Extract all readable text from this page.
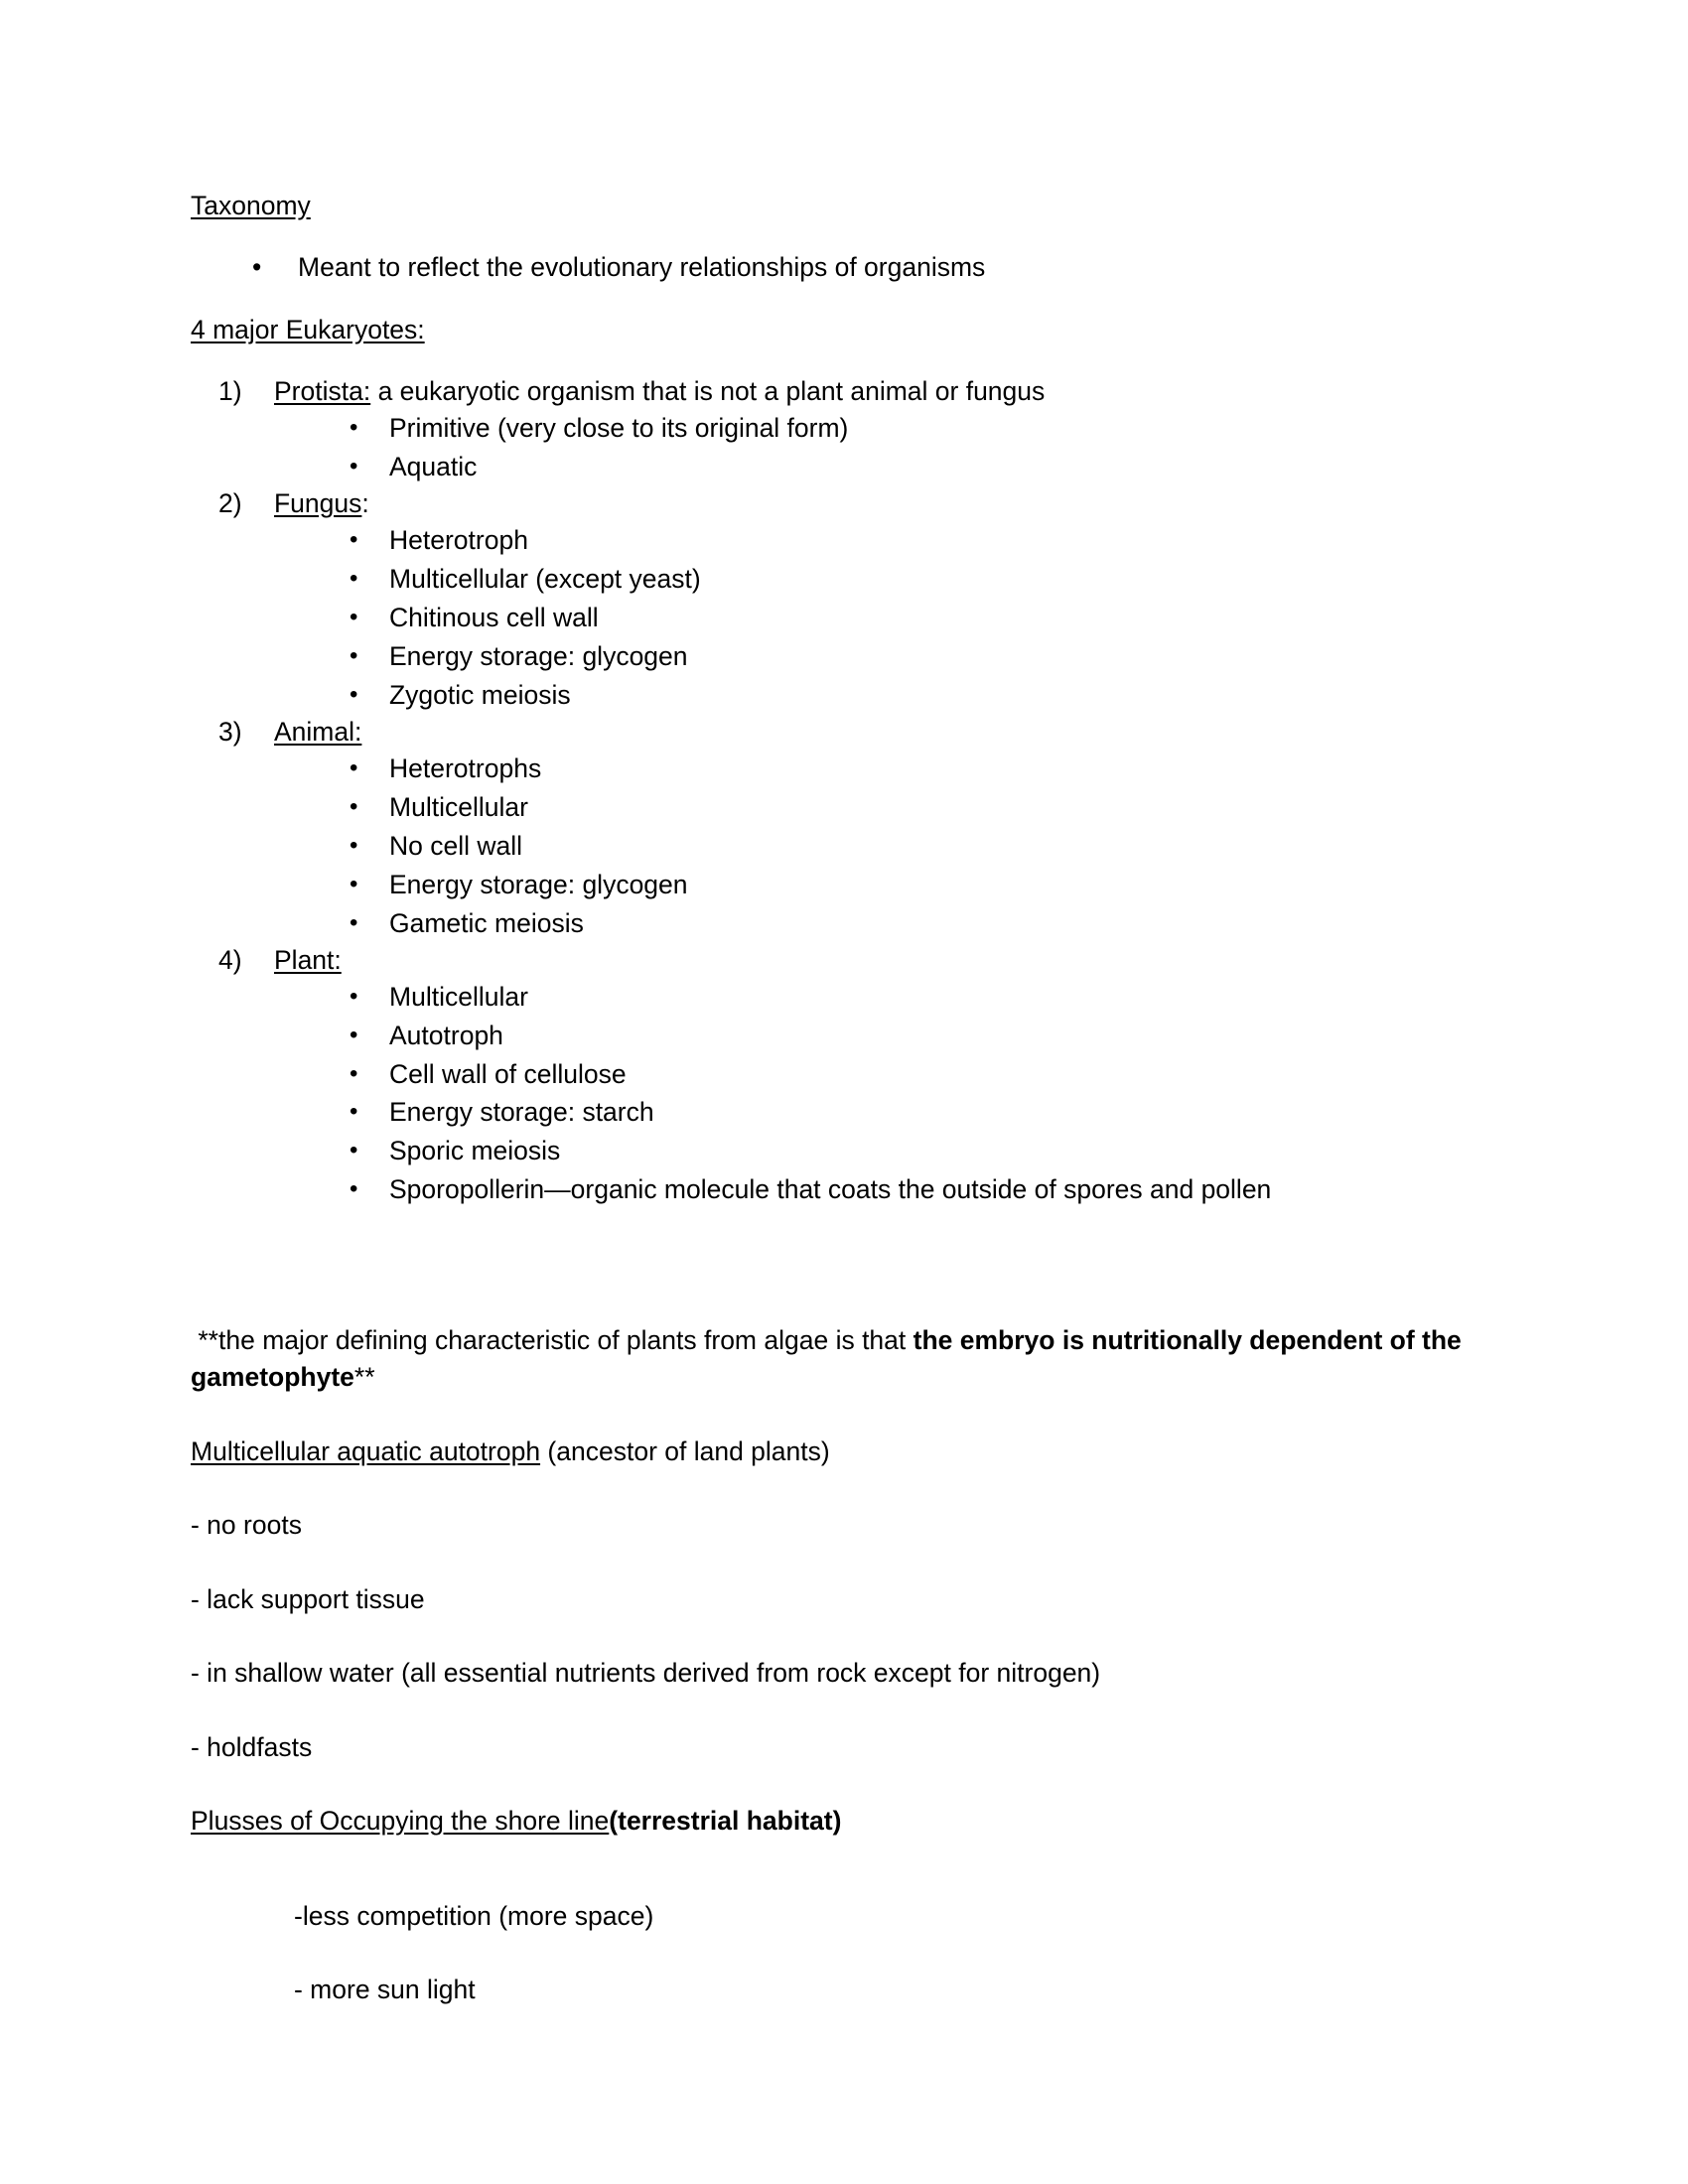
Taxonomy

• Meant to reflect the evolutionary relationships of organisms

4 major Eukaryotes:

1) Protista: a eukaryotic organism that is not a plant animal or fungus
• Primitive (very close to its original form)
• Aquatic
2) Fungus:
• Heterotroph
• Multicellular (except yeast)
• Chitinous cell wall
• Energy storage: glycogen
• Zygotic meiosis
3) Animal:
• Heterotrophs
• Multicellular
• No cell wall
• Energy storage: glycogen
• Gametic meiosis
4) Plant:
• Multicellular
• Autotroph
• Cell wall of cellulose
• Energy storage: starch
• Sporic meiosis
• Sporopollerin—organic molecule that coats the outside of spores and pollen

**the major defining characteristic of plants from algae is that the embryo is nutritionally dependent of the gametophyte**

Multicellular aquatic autotroph (ancestor of land plants)

- no roots

- lack support tissue

- in shallow water (all essential nutrients derived from rock except for nitrogen)

- holdfasts

Plusses of Occupying the shore line(terrestrial habitat)

-less competition (more space)

- more sun light
